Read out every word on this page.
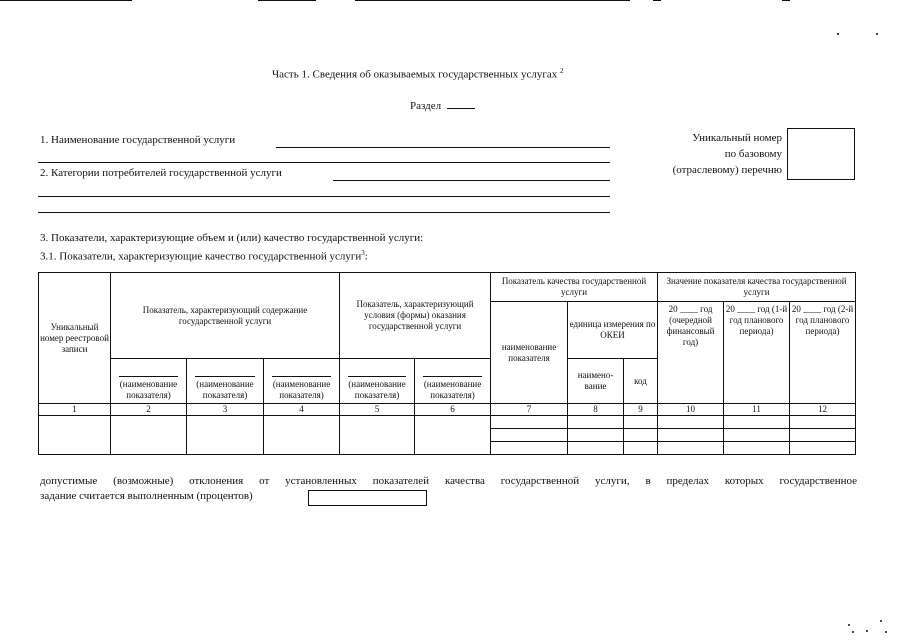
Часть 1. Сведения об оказываемых государственных услугах $^2$
Раздел
1. Наименование государственной услуги
2. Категории потребителей государственной услуги
Уникальный номер
по базовому
(отраслевому) перечню
3. Показатели, характеризующие объем и (или) качество государственной услуги:
3.1. Показатели, характеризующие качество государственной услуги$^3$:
Уникальный номер реестровой записи	Показатель, характеризующий содержание государственной услуги			Показатель, характеризующий условия (формы) оказания государственной услуги		Показатель качества государственной услуги			Значение показателя качества государственной услуги		
						наименование показателя	единица измерения по ОКЕИ		20 ____ год (очередной финансовый год)	20 ____ год (1-й год планового периода)	20 ____ год (2-й год планового периода)

(наименование показателя)	(наименование показателя)	(наименование показателя)	(наименование показателя)	(наименование показателя)		наимено-вание	код			
1	2	3	4	5	6	7	8	9	10	11	12

допустимые (возможные) отклонения от установленных показателей качества государственной услуги, в пределах которых государственное
задание считается выполненным (процентов)
